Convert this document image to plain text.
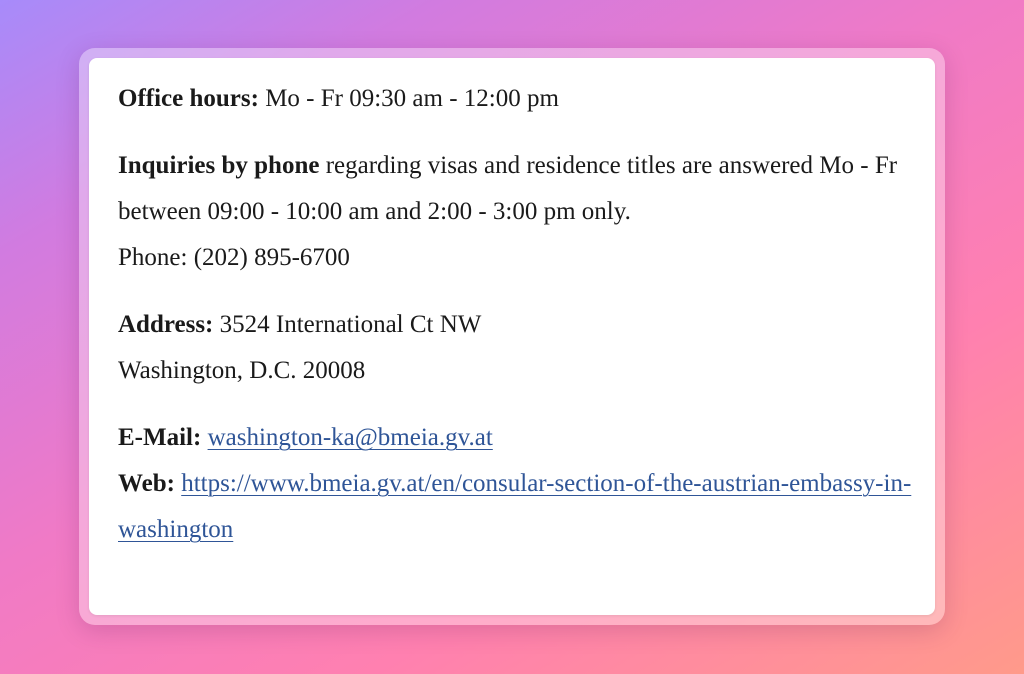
Office hours: Mo - Fr 09:30 am - 12:00 pm

Inquiries by phone regarding visas and residence titles are answered Mo - Fr between 09:00 - 10:00 am and 2:00 - 3:00 pm only.
Phone: (202) 895-6700

Address: 3524 International Ct NW
Washington, D.C. 20008

E-Mail: washington-ka@bmeia.gv.at
Web: https://www.bmeia.gv.at/en/consular-section-of-the-austrian-embassy-in-washington
